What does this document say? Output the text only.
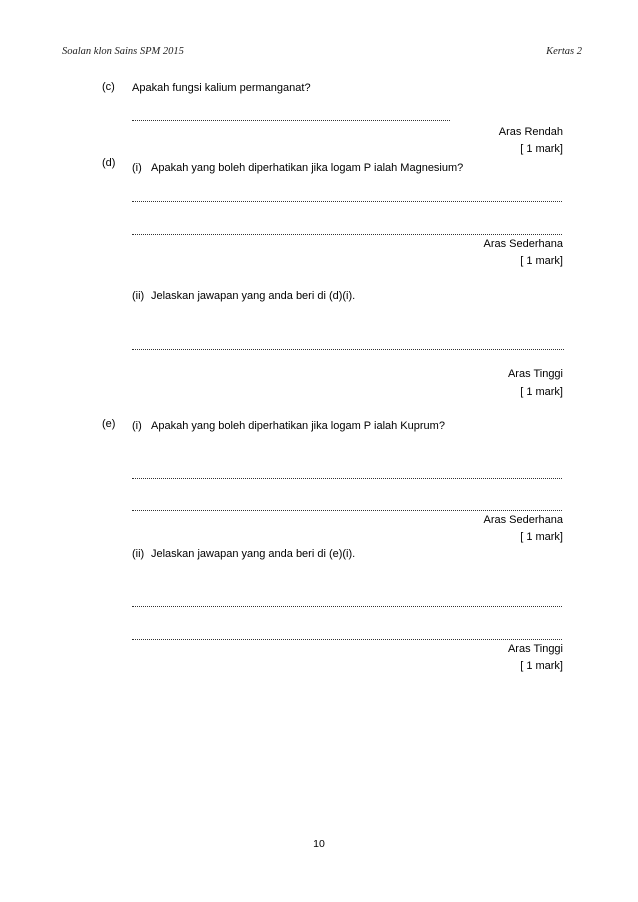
Soalan klon Sains SPM 2015	Kertas 2
(c) Apakah fungsi kalium permanganat?
Aras Rendah
[ 1 mark]
(d) (i) Apakah yang boleh diperhatikan jika logam P ialah Magnesium?
Aras Sederhana
[ 1 mark]
(ii) Jelaskan jawapan yang anda beri di (d)(i).
Aras Tinggi
[ 1 mark]
(e) (i) Apakah yang boleh diperhatikan jika logam P ialah Kuprum?
Aras Sederhana
[ 1 mark]
(ii) Jelaskan jawapan yang anda beri di (e)(i).
Aras Tinggi
[ 1 mark]
10
